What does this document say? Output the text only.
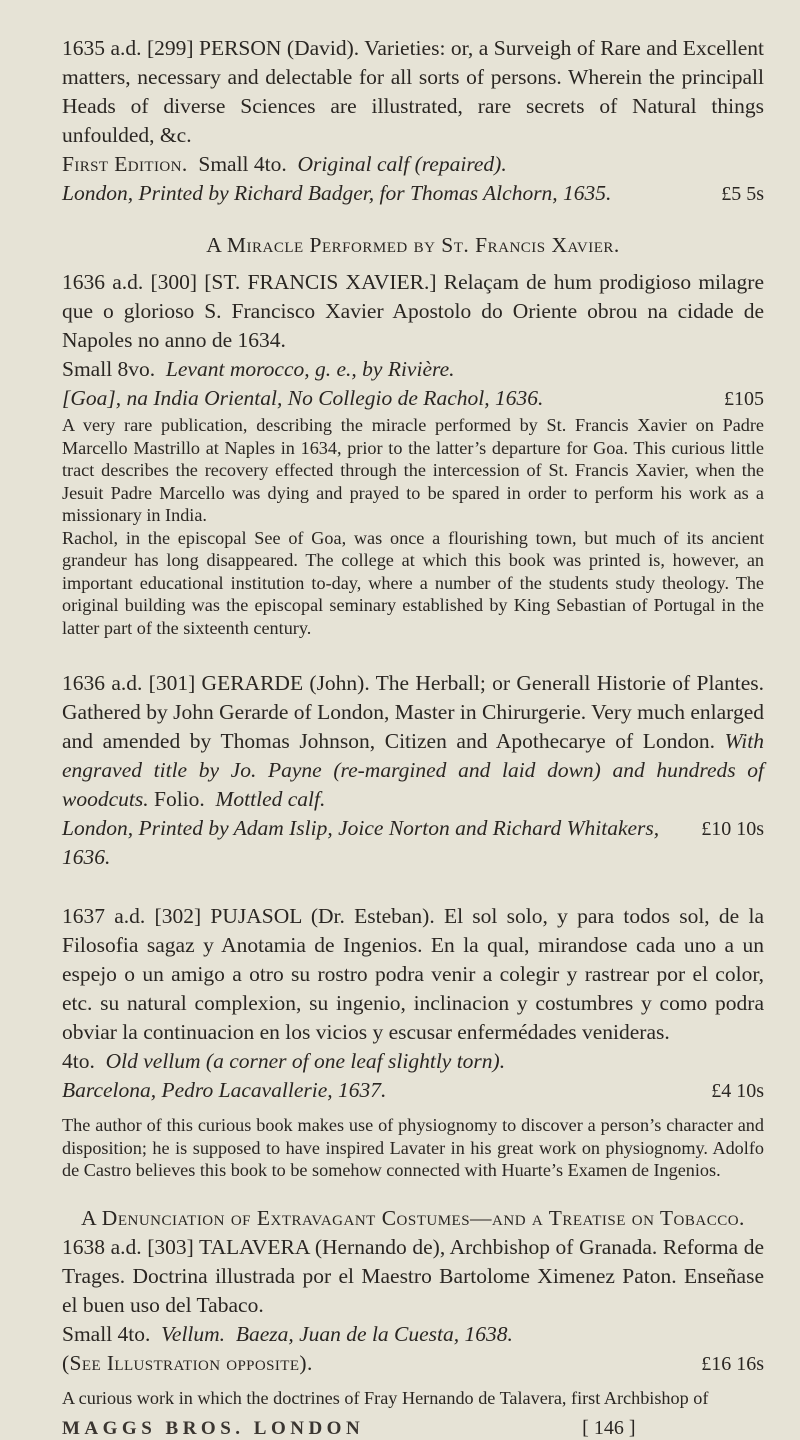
1635 a.d. [299] PERSON (David). Varieties: or, a Surveigh of Rare and Excellent matters, necessary and delectable for all sorts of persons. Wherein the principall Heads of diverse Sciences are illustrated, rare secrets of Natural things unfoulded, &c.

First Edition. Small 4to. Original calf (repaired).

London, Printed by Richard Badger, for Thomas Alchorn, 1635.	£5 5s

A Miracle Performed by St. Francis Xavier.

1636 a.d. [300] [ST. FRANCIS XAVIER.] Relaçam de hum prodigioso milagre que o glorioso S. Francisco Xavier Apostolo do Oriente obrou na cidade de Napoles no anno de 1634.

Small 8vo. Levant morocco, g. e., by Rivière.

[Goa], na India Oriental, No Collegio de Rachol, 1636.	£105

A very rare publication, describing the miracle performed by St. Francis Xavier on Padre Marcello Mastrillo at Naples in 1634, prior to the latter’s departure for Goa. This curious little tract describes the recovery effected through the intercession of St. Francis Xavier, when the Jesuit Padre Marcello was dying and prayed to be spared in order to perform his work as a missionary in India.

Rachol, in the episcopal See of Goa, was once a flourishing town, but much of its ancient grandeur has long disappeared. The college at which this book was printed is, however, an important educational institution to-day, where a number of the students study theology. The original building was the episcopal seminary established by King Sebastian of Portugal in the latter part of the sixteenth century.

1636 a.d. [301] GERARDE (John). The Herball; or Generall Historie of Plantes. Gathered by John Gerarde of London, Master in Chirurgerie. Very much enlarged and amended by Thomas Johnson, Citizen and Apothecarye of London. With engraved title by Jo. Payne (re-margined and laid down) and hundreds of woodcuts. Folio. Mottled calf.

London, Printed by Adam Islip, Joice Norton and Richard Whitakers, 1636.
£10 10s

1637 a.d. [302] PUJASOL (Dr. Esteban). El sol solo, y para todos sol, de la Filosofia sagaz y Anotamia de Ingenios. En la qual, mirandose cada uno a un espejo o un amigo a otro su rostro podra venir a colegir y rastrear por el color, etc. su natural complexion, su ingenio, inclinacion y costumbres y como podra obviar la continuacion en los vicios y escusar enfermédades venideras.

4to. Old vellum (a corner of one leaf slightly torn).

Barcelona, Pedro Lacavallerie, 1637.	£4 10s

The author of this curious book makes use of physiognomy to discover a person’s character and disposition; he is supposed to have inspired Lavater in his great work on physiognomy. Adolfo de Castro believes this book to be somehow connected with Huarte’s Examen de Ingenios.

A Denunciation of Extravagant Costumes—and a Treatise on Tobacco.

1638 a.d. [303] TALAVERA (Hernando de), Archbishop of Granada. Reforma de Trages. Doctrina illustrada por el Maestro Bartolome Ximenez Paton. Enseñase el buen uso del Tabaco.

Small 4to. Vellum. Baeza, Juan de la Cuesta, 1638.

(See Illustration opposite).	£16 16s

A curious work in which the doctrines of Fray Hernando de Talavera, first Archbishop of

MAGGS BROS. LONDON	[ 146 ]
